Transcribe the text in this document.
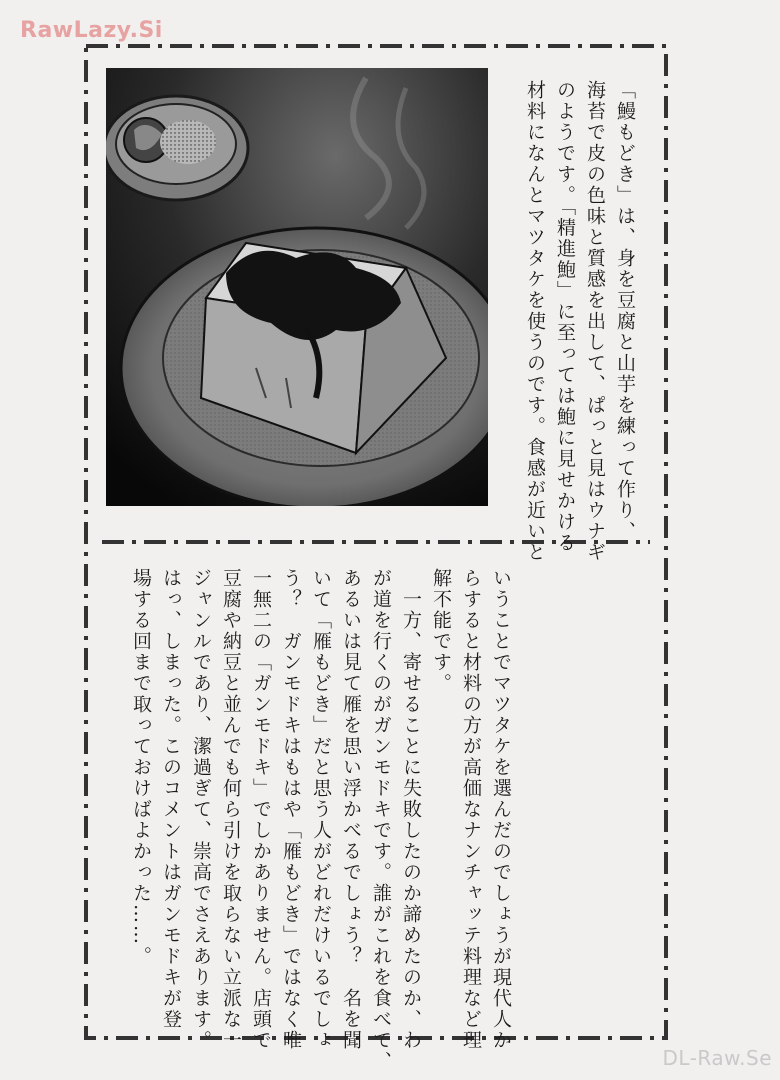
RawLazy.Si
「鰻もどき」は、身を豆腐と山芋を練って作り、
海苔で皮の色味と質感を出して、ぱっと見はウナギ
のようです。「精進鮑」に至っては鮑に見せかける
材料になんとマツタケを使うのです。食感が近いと
いうことでマツタケを選んだのでしょうが現代人か
らすると材料の方が高価なナンチャッテ料理など理
解不能です。
　一方、寄せることに失敗したのか諦めたのか、わ
が道を行くのがガンモドキです。誰がこれを食べて、
あるいは見て雁を思い浮かべるでしょう？　名を聞
いて「雁もどき」だと思う人がどれだけいるでしょ
う？　ガンモドキはもはや「雁もどき」ではなく唯
一無二の「ガンモドキ」でしかありません。店頭で
豆腐や納豆と並んでも何ら引けを取らない立派な一
ジャンルであり、潔過ぎて、崇高でさえあります。
はっ、しまった。このコメントはガンモドキが登
場する回まで取っておけばよかった……。
DL-Raw.Se
